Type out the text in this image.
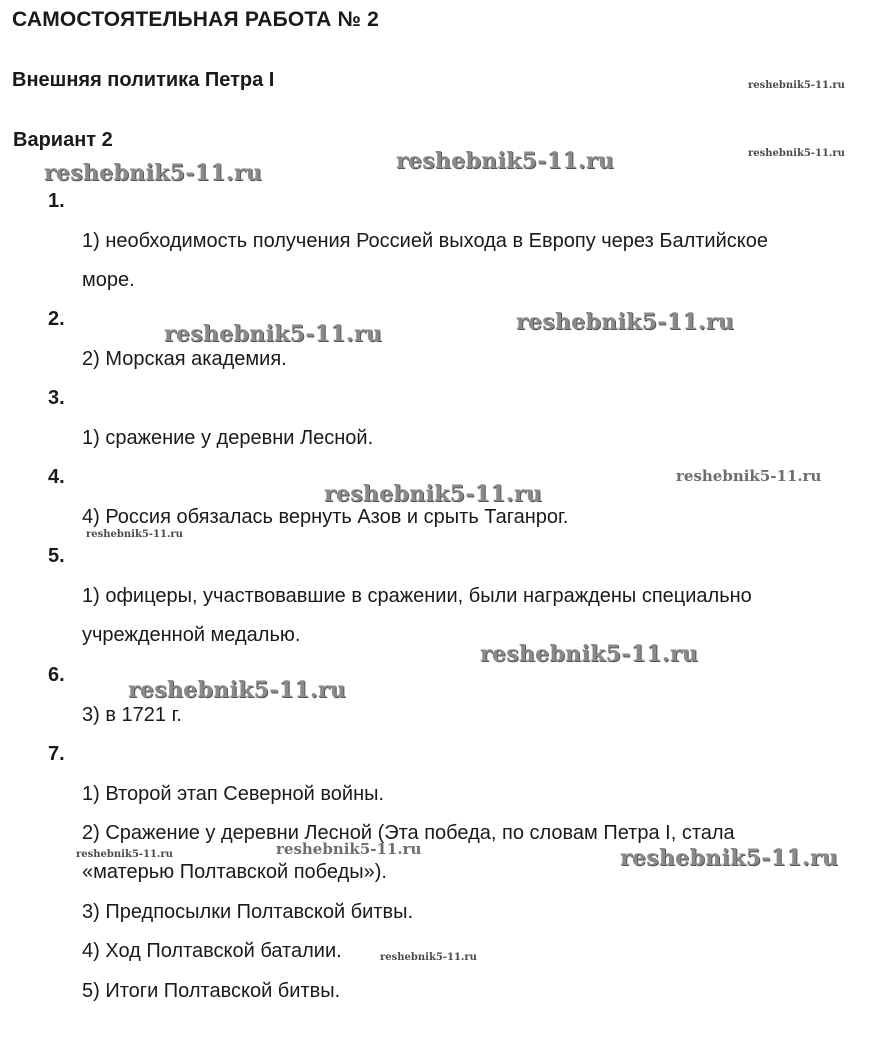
САМОСТОЯТЕЛЬНАЯ РАБОТА № 2
Внешняя политика Петра I
Вариант 2
1.
1) необходимость получения Россией выхода в Европу через Балтийское
море.
2.
2) Морская академия.
3.
1) сражение у деревни Лесной.
4.
4) Россия обязалась вернуть Азов и срыть Таганрог.
5.
1) офицеры, участвовавшие в сражении, были награждены специально
учрежденной медалью.
6.
3) в 1721 г.
7.
1) Второй этап Северной войны.
2) Сражение у деревни Лесной (Эта победа, по словам Петра I, стала
«матерью Полтавской победы»).
3) Предпосылки Полтавской битвы.
4) Ход Полтавской баталии.
5) Итоги Полтавской битвы.
reshebnik5-11.ru
reshebnik5-11.ru
reshebnik5-11.ru
reshebnik5-11.ru
reshebnik5-11.ru	reshebnik5-11.ru
reshebnik5-11.ru
reshebnik5-11.ru
reshebnik5-11.ru
reshebnik5-11.ru
reshebnik5-11.ru
reshebnik5-11.ru	reshebnik5-11.ru	reshebnik5-11.ru
reshebnik5-11.ru
